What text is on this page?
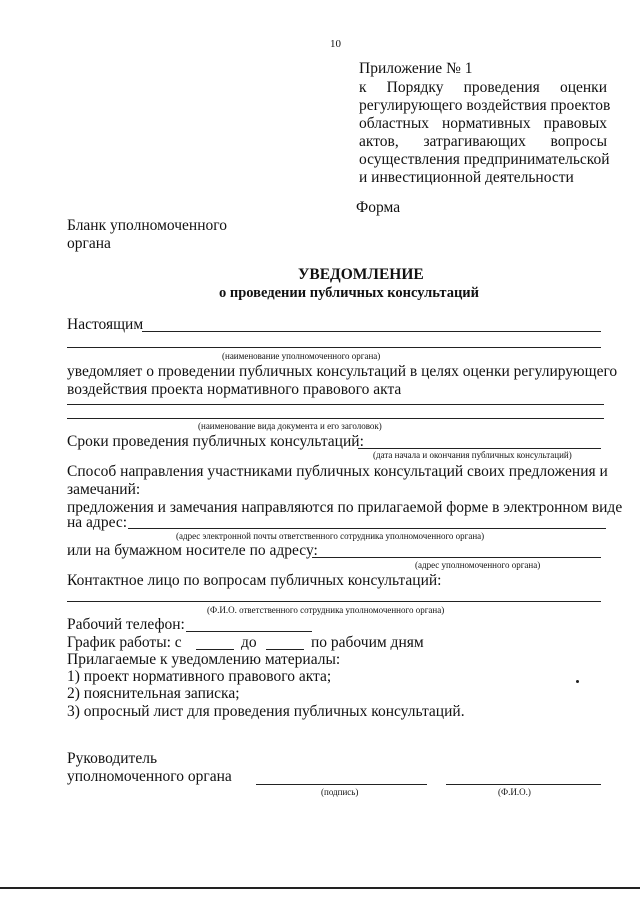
10
Приложение № 1
к Порядку проведения оценки
регулирующего воздействия проектов
областных нормативных правовых
актов, затрагивающих вопросы
осуществления предпринимательской
и инвестиционной деятельности
Форма
Бланк уполномоченного
органа
УВЕДОМЛЕНИЕ
о проведении публичных консультаций
Настоящим
(наименование уполномоченного органа)
уведомляет о проведении публичных консультаций в целях оценки регулирующего
воздействия проекта нормативного правового акта
(наименование вида документа и его заголовок)
Сроки проведения публичных консультаций:
(дата начала и окончания публичных консультаций)
Способ направления участниками публичных консультаций своих предложения и
замечаний:
предложения и замечания направляются по прилагаемой форме в электронном виде
на адрес:
(адрес электронной почты ответственного сотрудника уполномоченного органа)
или на бумажном носителе по адресу:
(адрес уполномоченного органа)
Контактное лицо по вопросам публичных консультаций:
(Ф.И.О. ответственного сотрудника уполномоченного органа)
Рабочий телефон:
График работы: с	до	по рабочим дням
Прилагаемые к уведомлению материалы:
1) проект нормативного правового акта;
2) пояснительная записка;
3) опросный лист для проведения публичных консультаций.
Руководитель
уполномоченного органа
(подпись)	(Ф.И.О.)
